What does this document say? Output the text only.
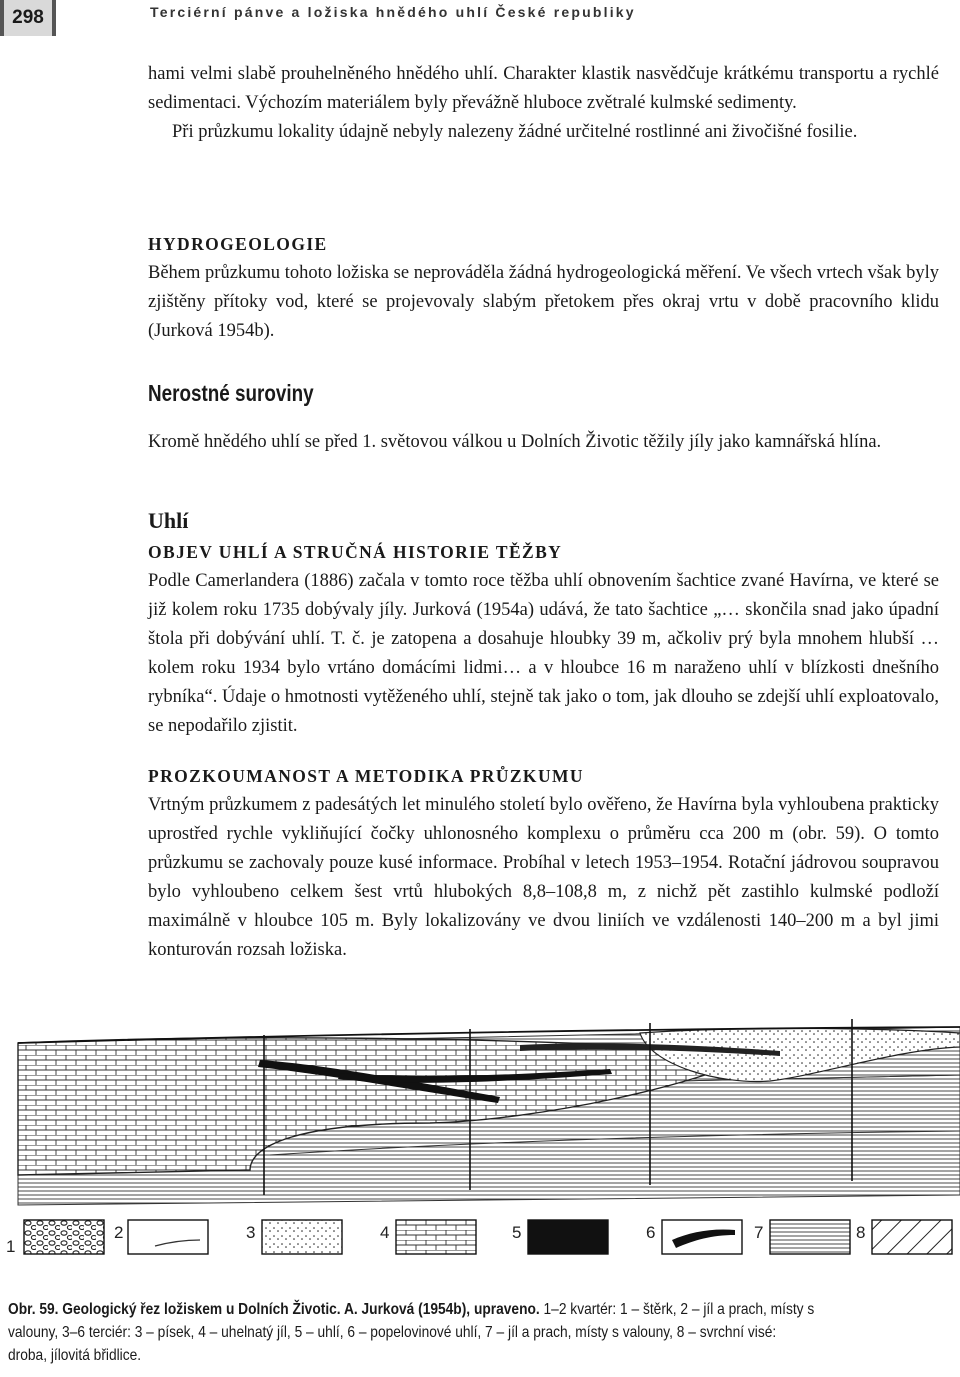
298	Terciérní pánve a ložiska hnědého uhlí České republiky

hami velmi slabě prouhelněného hnědého uhlí. Charakter klastik nasvědčuje krátkému transportu a rychlé sedimentaci. Výchozím materiálem byly převážně hluboce zvětralé kulmské sedimenty.

Při průzkumu lokality údajně nebyly nalezeny žádné určitelné rostlinné ani živočišné fosilie.

HYDROGEOLOGIE

Během průzkumu tohoto ložiska se neprováděla žádná hydrogeologická měření. Ve všech vrtech však byly zjištěny přítoky vod, které se projevovaly slabým přetokem přes okraj vrtu v době pracovního klidu (Jurková 1954b).

Nerostné suroviny

Kromě hnědého uhlí se před 1. světovou válkou u Dolních Životic těžily jíly jako kamnářská hlína.

Uhlí

OBJEV UHLÍ A STRUČNÁ HISTORIE TĚŽBY

Podle Camerlandera (1886) začala v tomto roce těžba uhlí obnovením šachtice zvané Havírna, ve které se již kolem roku 1735 dobývaly jíly. Jurková (1954a) udává, že tato šachtice „… skončila snad jako úpadní štola při dobývání uhlí. T. č. je zatopena a dosahuje hloubky 39 m, ačkoliv prý byla mnohem hlubší … kolem roku 1934 bylo vrtáno domácími lidmi… a v hloubce 16 m naraženo uhlí v blízkosti dnešního rybníka“. Údaje o hmotnosti vytěženého uhlí, stejně tak jako o tom, jak dlouho se zdejší uhlí exploatovalo, se nepodařilo zjistit.

PROZKOUMANOST A METODIKA PRŮZKUMU

Vrtným průzkumem z padesátých let minulého století bylo ověřeno, že Havírna byla vyhloubena prakticky uprostřed rychle vykliňující čočky uhlonosného komplexu o průměru cca 200 m (obr. 59). O tomto průzkumu se zachovaly pouze kusé informace. Probíhal v letech 1953–1954. Rotační jádrovou soupravou bylo vyhloubeno celkem šest vrtů hlubokých 8,8–108,8 m, z nichž pět zastihlo kulmské podloží maximálně v hloubce 105 m. Byly lokalizovány ve dvou liniích ve vzdálenosti 140–200 m a byl jimi konturován rozsah ložiska.

1
2	3	4	5	6	7	8
Obr. 59. Geologický řez ložiskem u Dolních Životic. A. Jurková (1954b), upraveno. 1–2 kvartér: 1 – štěrk, 2 – jíl a prach, místy s valouny, 3–6 terciér: 3 – písek, 4 – uhelnatý jíl, 5 – uhlí, 6 – popelovinové uhlí, 7 – jíl a prach, místy s valouny, 8 – svrchní visé: droba, jílovitá břidlice.
